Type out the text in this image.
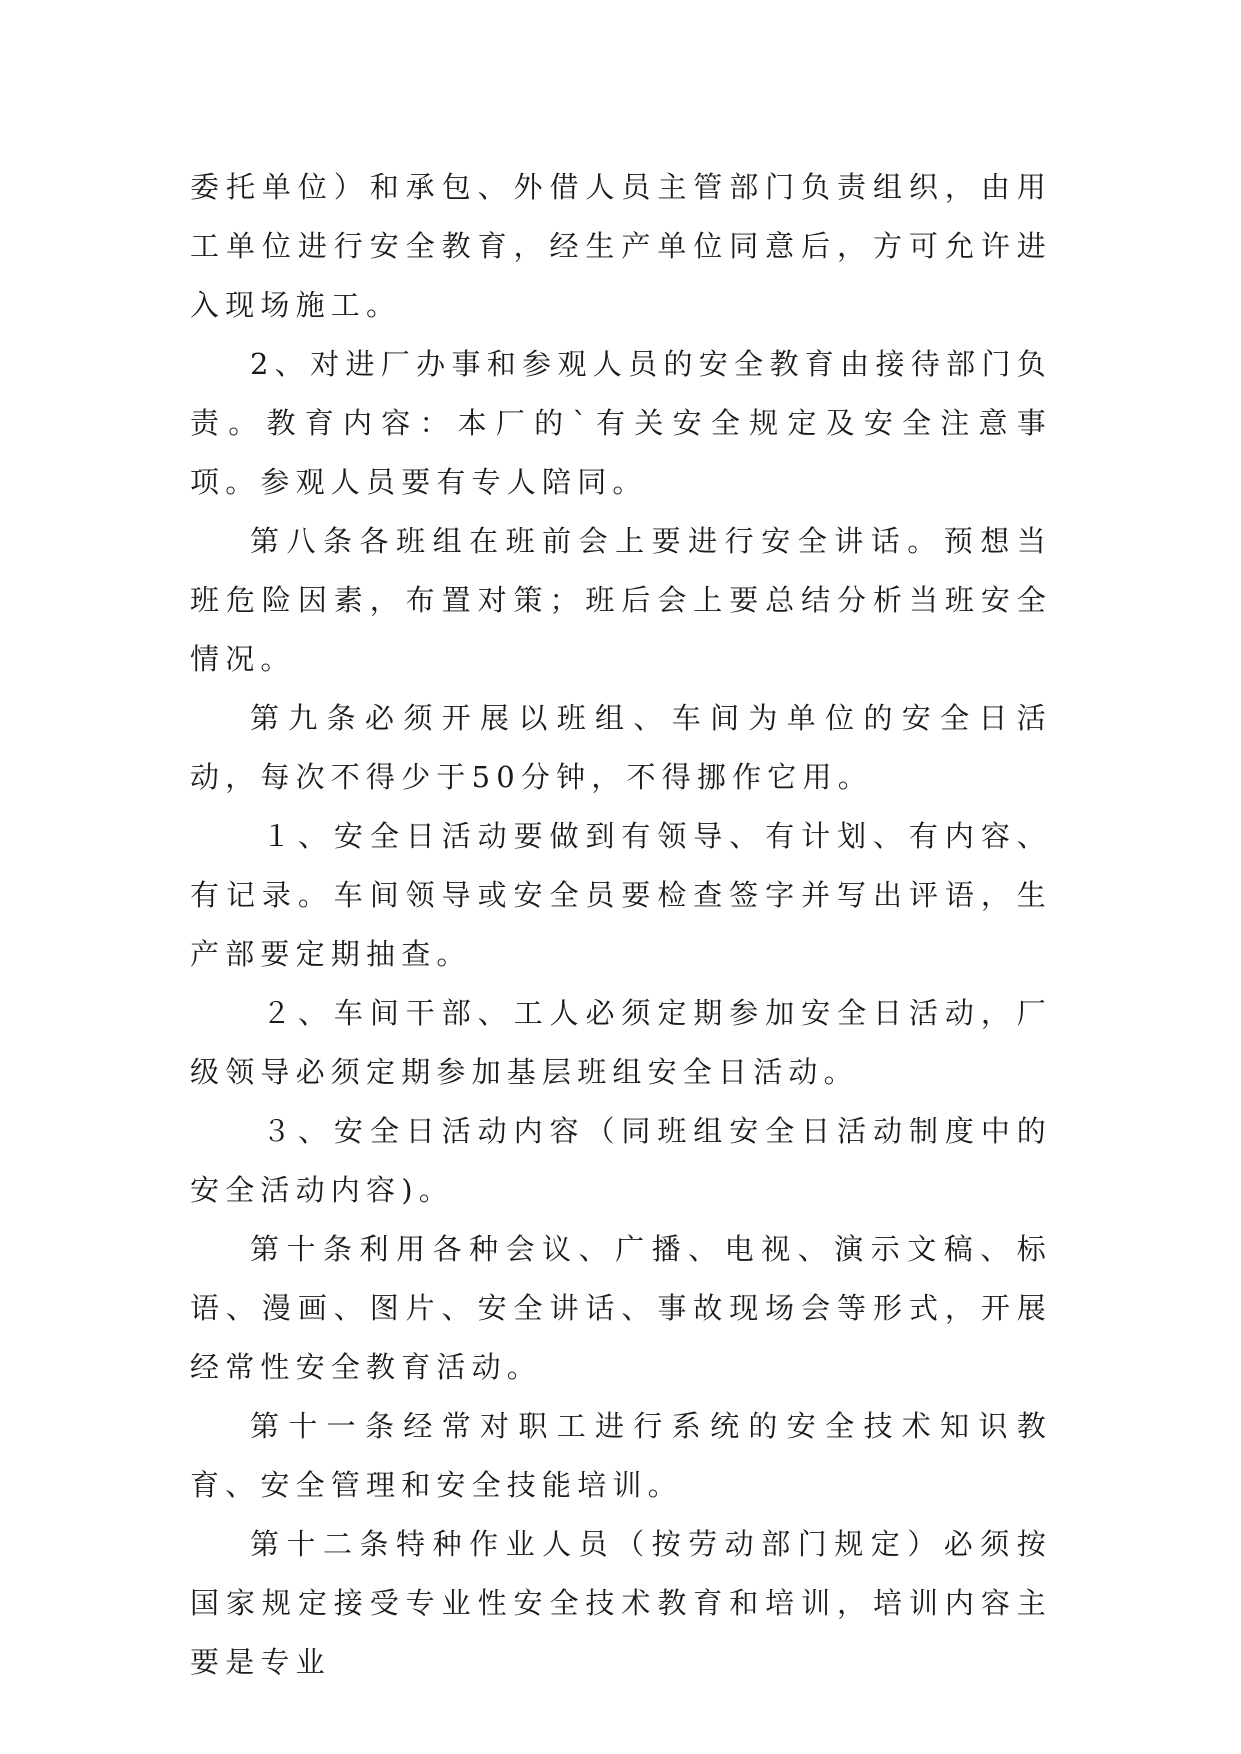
委托单位）和承包、外借人员主管部门负责组织，由用工单位进行安全教育，经生产单位同意后，方可允许进入现场施工。

2、对进厂办事和参观人员的安全教育由接待部门负责。教育内容：本厂的`有关安全规定及安全注意事项。参观人员要有专人陪同。

第八条各班组在班前会上要进行安全讲话。预想当班危险因素，布置对策；班后会上要总结分析当班安全情况。

第九条必须开展以班组、车间为单位的安全日活动，每次不得少于50分钟，不得挪作它用。

１、安全日活动要做到有领导、有计划、有内容、有记录。车间领导或安全员要检查签字并写出评语，生产部要定期抽查。

２、车间干部、工人必须定期参加安全日活动，厂级领导必须定期参加基层班组安全日活动。

３、安全日活动内容（同班组安全日活动制度中的安全活动内容)。

第十条利用各种会议、广播、电视、演示文稿、标语、漫画、图片、安全讲话、事故现场会等形式，开展经常性安全教育活动。

第十一条经常对职工进行系统的安全技术知识教育、安全管理和安全技能培训。

第十二条特种作业人员（按劳动部门规定）必须按国家规定接受专业性安全技术教育和培训，培训内容主要是专业
